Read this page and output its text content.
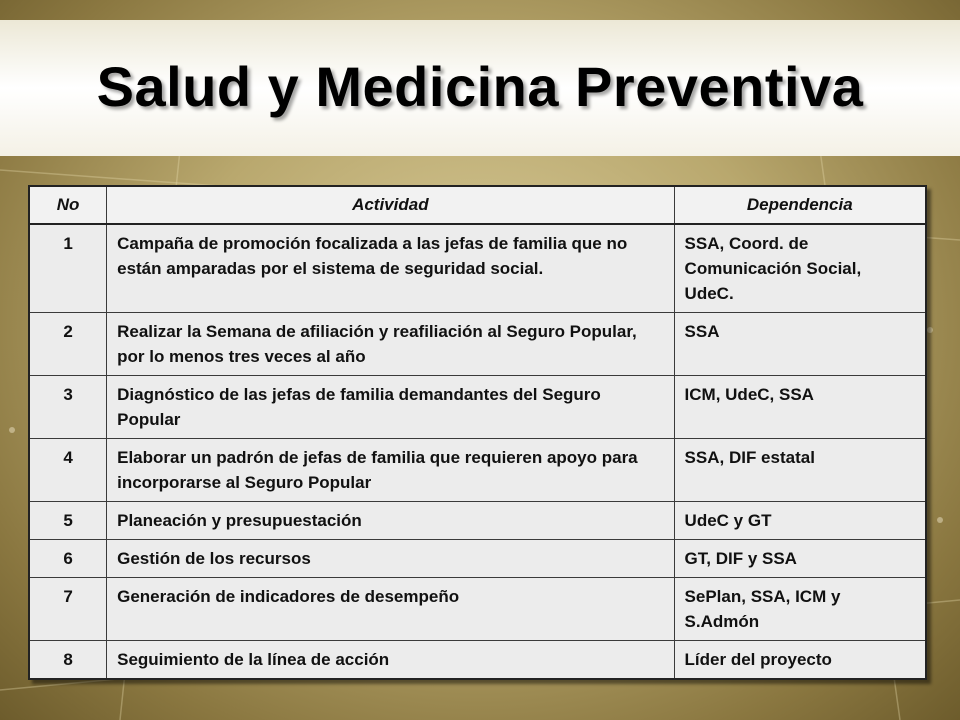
Salud y Medicina Preventiva
No	Actividad	Dependencia
1	Campaña de promoción focalizada a las jefas de familia que no están amparadas por el sistema de seguridad social.	SSA, Coord. de Comunicación Social, UdeC.
2	Realizar la Semana de afiliación y reafiliación al Seguro Popular, por lo menos tres veces al año	SSA
3	Diagnóstico de las jefas de familia demandantes del Seguro Popular	ICM, UdeC, SSA
4	Elaborar un padrón de jefas de familia que requieren apoyo para incorporarse al Seguro Popular	SSA, DIF estatal
5	Planeación y presupuestación	UdeC y GT
6	Gestión de los recursos	GT, DIF y SSA
7	Generación de indicadores de desempeño	SePlan, SSA, ICM y S.Admón
8	Seguimiento de la línea de acción	Líder del proyecto
